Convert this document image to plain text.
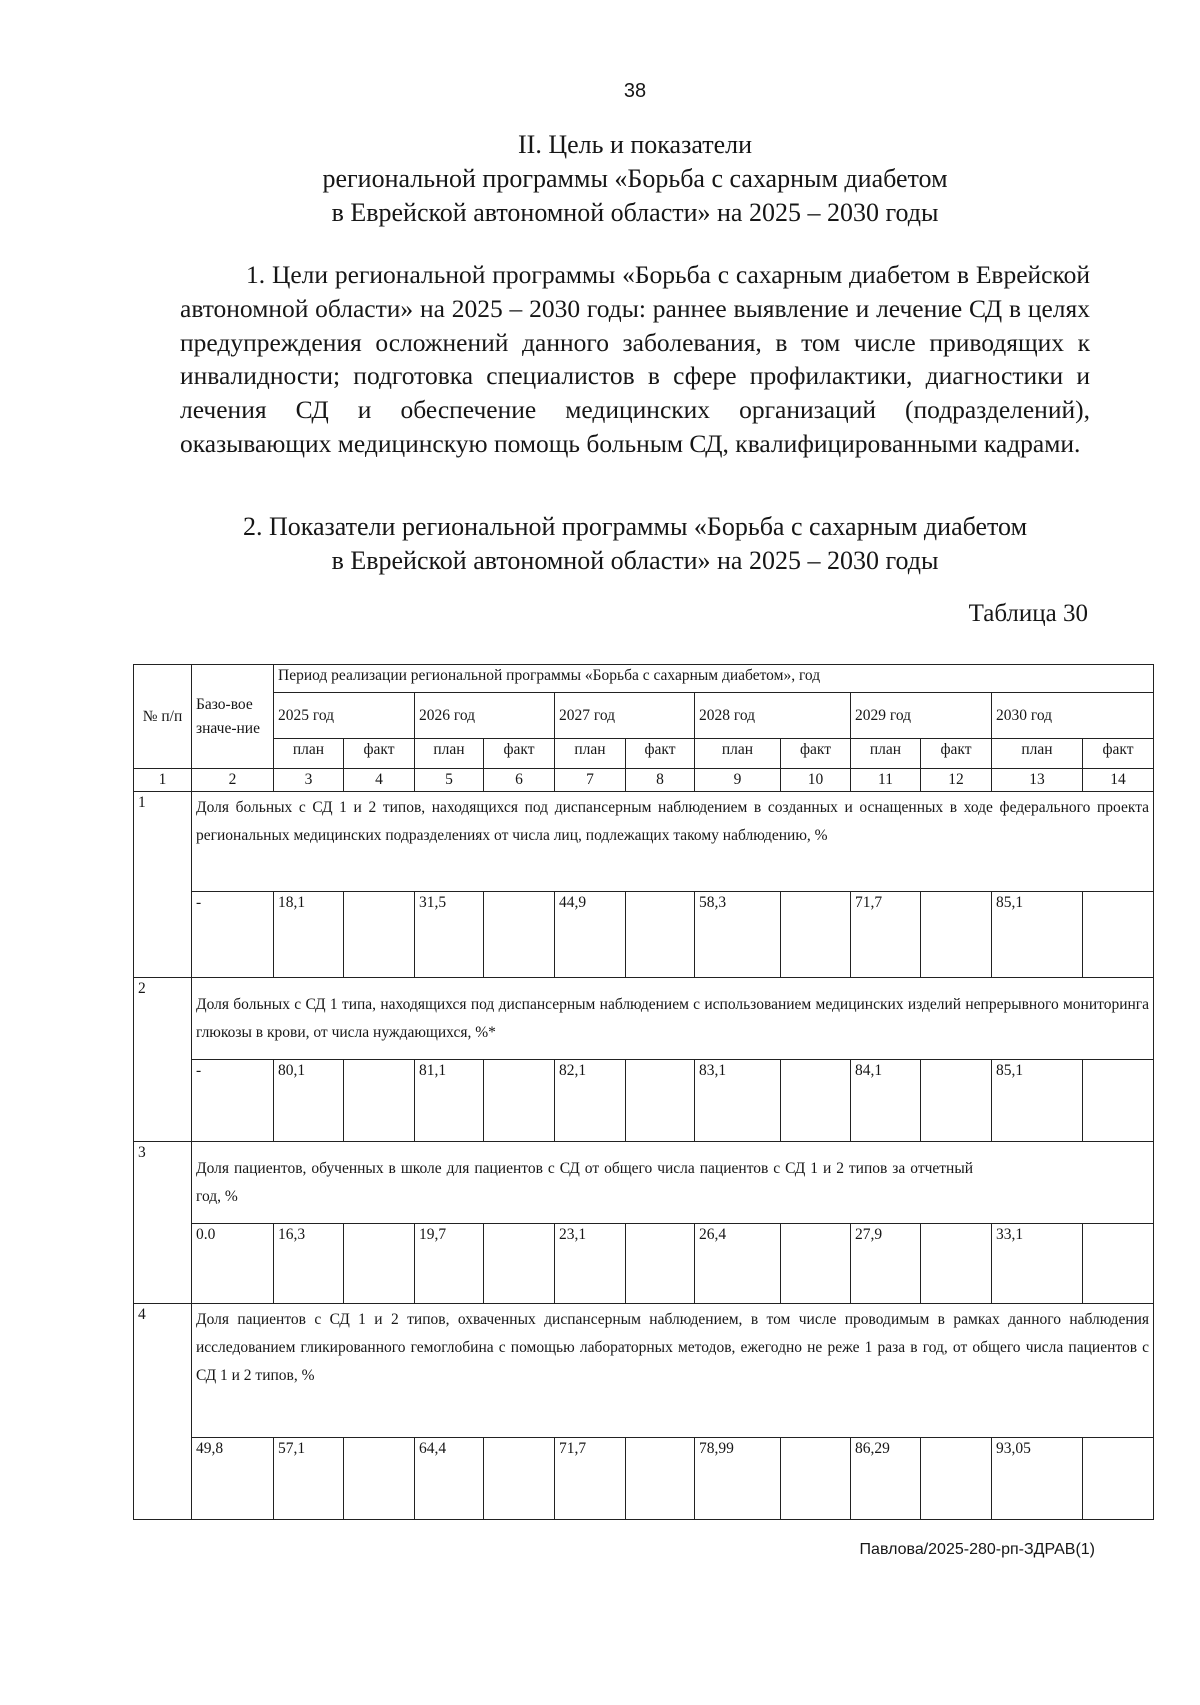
38
II. Цель и показатели
региональной программы «Борьба с сахарным диабетом
в Еврейской автономной области» на 2025 – 2030 годы
1. Цели региональной программы «Борьба с сахарным диабетом в Еврейской автономной области» на 2025 – 2030 годы: раннее выявление и лечение СД в целях предупреждения осложнений данного заболевания, в том числе приводящих к инвалидности; подготовка специалистов в сфере профилактики, диагностики и лечения СД и обеспечение медицинских организаций (подразделений), оказывающих медицинскую помощь больным СД, квалифицированными кадрами.
2. Показатели региональной программы «Борьба с сахарным диабетом
в Еврейской автономной области» на 2025 – 2030 годы
Таблица 30
№ п/п	Базо-вое значе-ние	Период реализации региональной программы «Борьба с сахарным диабетом», год											
		2025 год		2026 год		2027 год		2028 год		2029 год		2030 год	
		план	факт	план	факт	план	факт	план	факт	план	факт	план	факт
1	2	3	4	5	6	7	8	9	10	11	12	13	14
1	Доля больных с СД 1 и 2 типов, находящихся под диспансерным наблюдением в созданных и оснащенных в ходе федерального проекта региональных медицинских подразделениях от числа лиц, подлежащих такому наблюдению, %												
	-	18,1		31,5		44,9		58,3		71,7		85,1	
2	Доля больных с СД 1 типа, находящихся под диспансерным наблюдением с использованием медицинских изделий непрерывного мониторинга глюкозы в крови, от числа нуждающихся, %*												
	-	80,1		81,1		82,1		83,1		84,1		85,1	
3	Доля пациентов, обученных в школе для пациентов с СД от общего числа пациентов с СД 1 и 2 типов за отчетный год, %												
	0.0	16,3		19,7		23,1		26,4		27,9		33,1	
4	Доля пациентов с СД 1 и 2 типов, охваченных диспансерным наблюдением, в том числе проводимым в рамках данного наблюдения исследованием гликированного гемоглобина с помощью лабораторных методов, ежегодно не реже 1 раза в год, от общего числа пациентов с СД 1 и 2 типов, %												
	49,8	57,1		64,4		71,7		78,99		86,29		93,05	
Павлова/2025-280-рп-ЗДРАВ(1)
